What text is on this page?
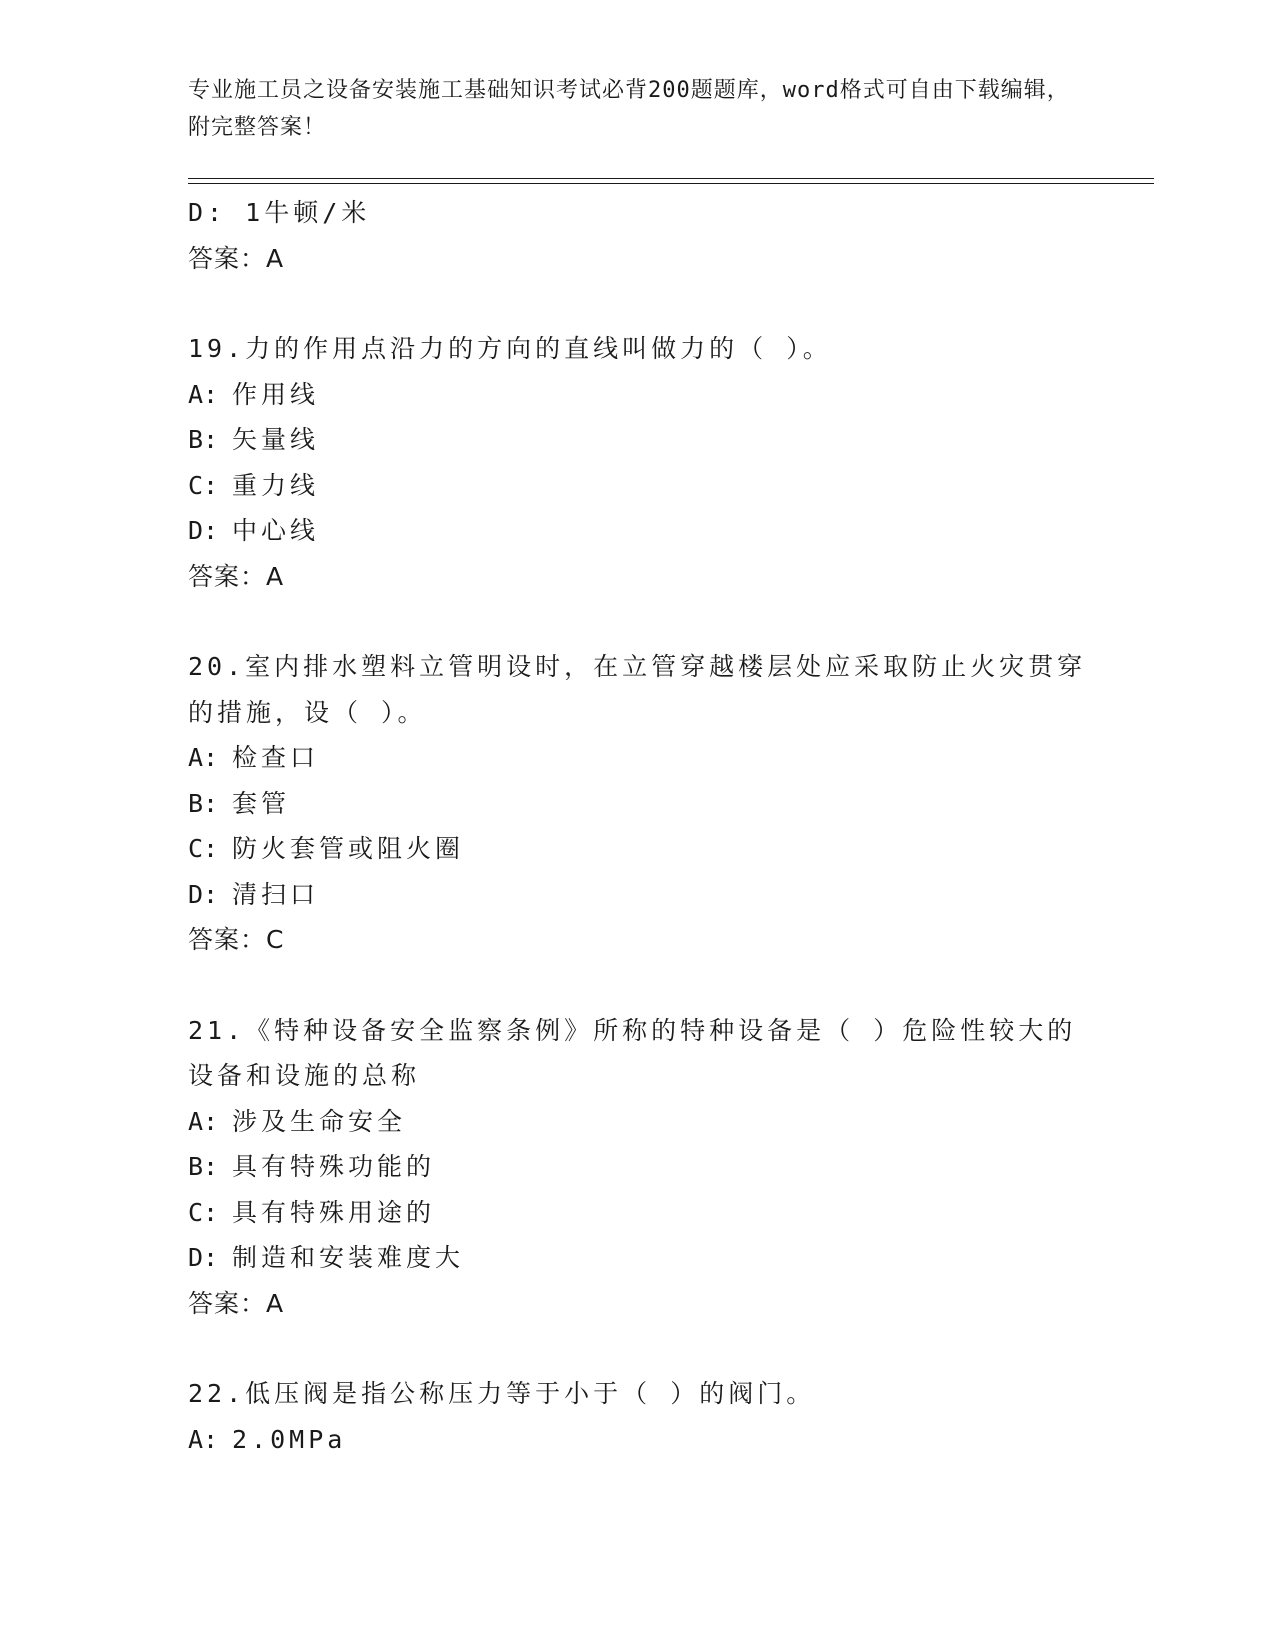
专业施工员之设备安装施工基础知识考试必背200题题库，word格式可自由下载编辑，附完整答案！
D: 1牛顿/米
答案：A
19.力的作用点沿力的方向的直线叫做力的（ ）。
A: 作用线
B: 矢量线
C: 重力线
D: 中心线
答案：A
20.室内排水塑料立管明设时，在立管穿越楼层处应采取防止火灾贯穿的措施，设（ ）。
A: 检查口
B: 套管
C: 防火套管或阻火圈
D: 清扫口
答案：C
21.《特种设备安全监察条例》所称的特种设备是（ ）危险性较大的设备和设施的总称
A: 涉及生命安全
B: 具有特殊功能的
C: 具有特殊用途的
D: 制造和安装难度大
答案：A
22.低压阀是指公称压力等于小于（ ）的阀门。
A: 2.0MPa
